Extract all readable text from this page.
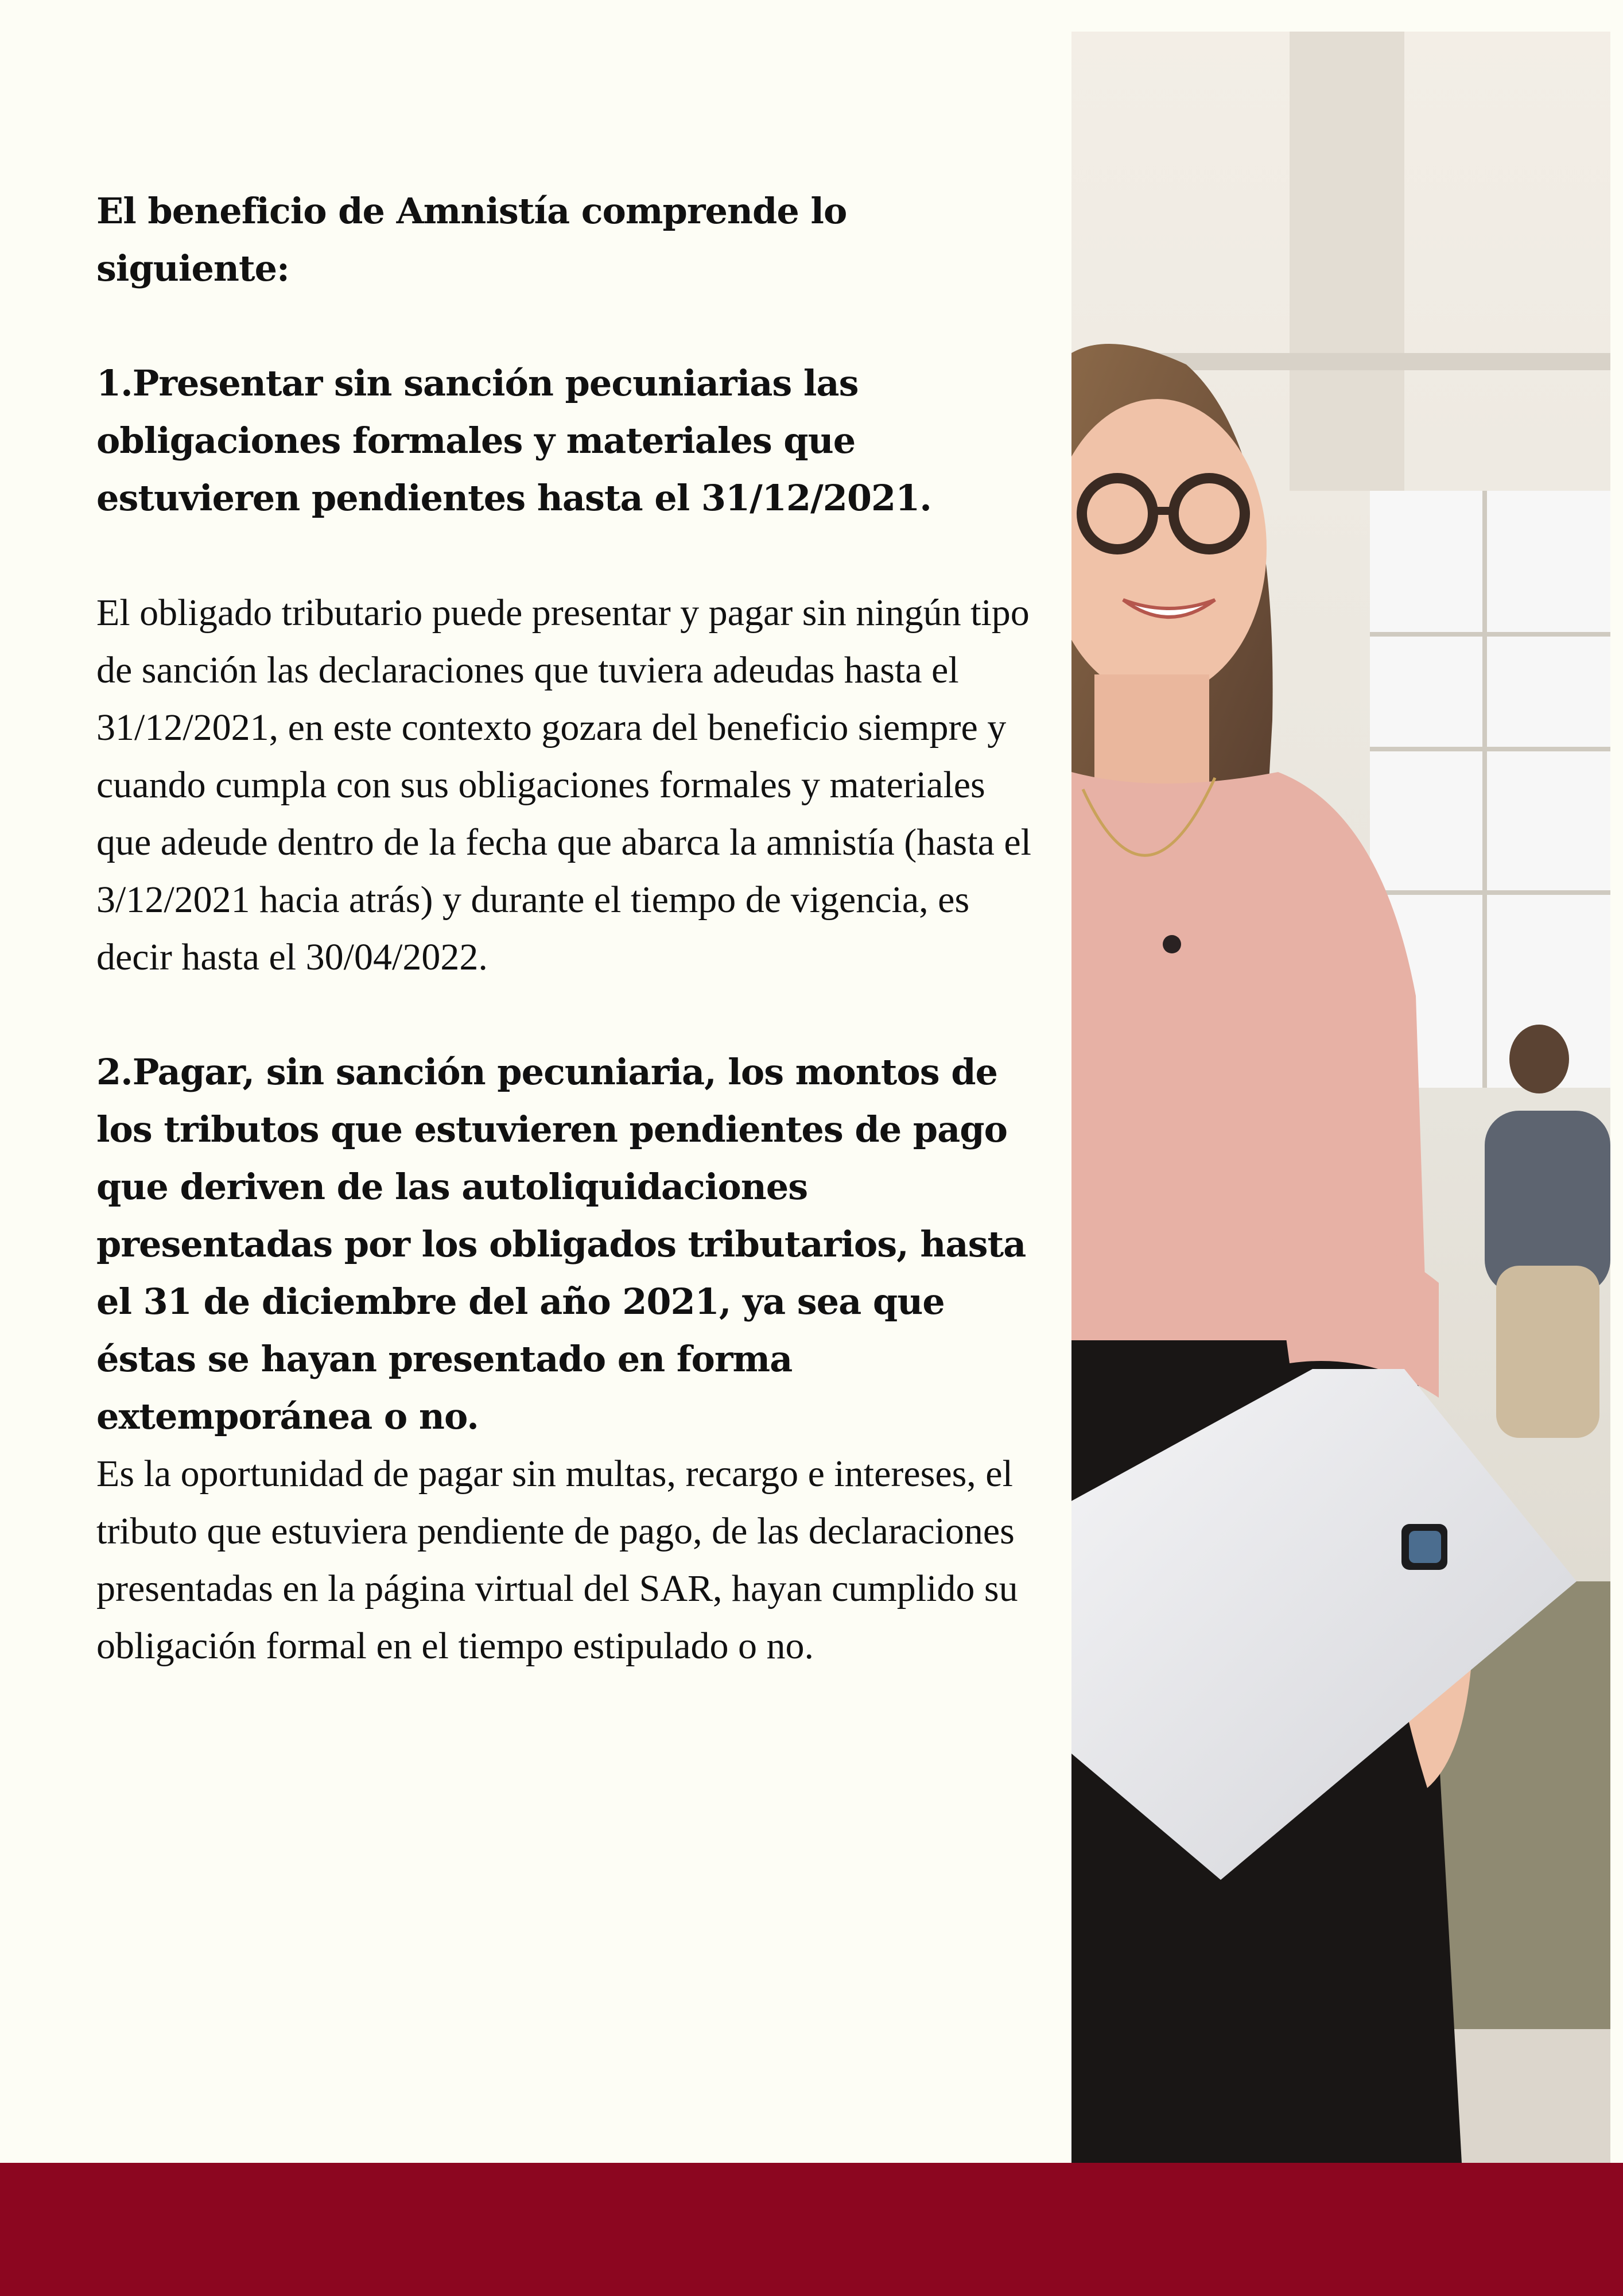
El beneficio de Amnistía comprende lo siguiente:

1.Presentar sin sanción pecuniarias las obligaciones formales y materiales que estuvieren pendientes hasta el 31/12/2021.

El obligado tributario puede presentar y pagar sin ningún tipo de sanción las declaraciones que tuviera adeudas hasta el 31/12/2021, en este contexto gozara del beneficio siempre y cuando cumpla con sus obligaciones formales y materiales que adeude dentro de la fecha que abarca la amnistía (hasta el 3/12/2021 hacia atrás) y durante el tiempo de vigencia, es decir hasta el 30/04/2022.

2.Pagar, sin sanción pecuniaria, los montos de los tributos que estuvieren pendientes de pago que deriven de las autoliquidaciones presentadas por los obligados tributarios, hasta el 31 de diciembre del año 2021, ya sea que éstas se hayan presentado en forma extemporánea o no.

Es la oportunidad de pagar sin multas, recargo e intereses, el tributo que estuviera pendiente de pago, de las declaraciones presentadas en la página virtual del SAR, hayan cumplido su obligación formal en el tiempo estipulado o no.
